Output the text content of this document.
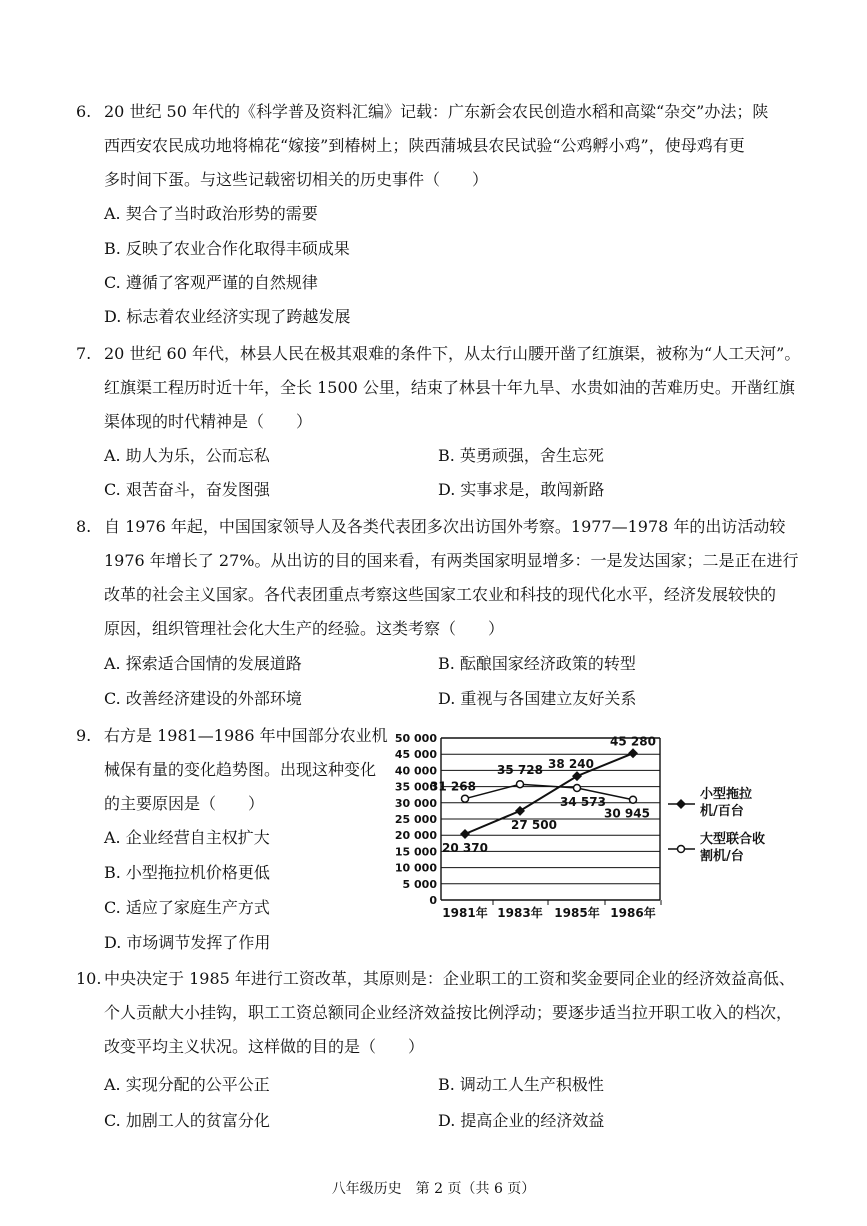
6. 20 世纪 50 年代的《科学普及资料汇编》记载：广东新会农民创造水稻和高粱“杂交”办法；陕
西西安农民成功地将棉花“嫁接”到椿树上；陕西蒲城县农民试验“公鸡孵小鸡”，使母鸡有更
多时间下蛋。与这些记载密切相关的历史事件（　　）
A. 契合了当时政治形势的需要
B. 反映了农业合作化取得丰硕成果
C. 遵循了客观严谨的自然规律
D. 标志着农业经济实现了跨越发展
7. 20 世纪 60 年代，林县人民在极其艰难的条件下，从太行山腰开凿了红旗渠，被称为“人工天河”。
红旗渠工程历时近十年，全长 1500 公里，结束了林县十年九旱、水贵如油的苦难历史。开凿红旗
渠体现的时代精神是（　　）
A. 助人为乐，公而忘私	B. 英勇顽强，舍生忘死
C. 艰苦奋斗，奋发图强	D. 实事求是，敢闯新路
8. 自 1976 年起，中国国家领导人及各类代表团多次出访国外考察。1977—1978 年的出访活动较
1976 年增长了 27%。从出访的目的国来看，有两类国家明显增多：一是发达国家；二是正在进行
改革的社会主义国家。各代表团重点考察这些国家工农业和科技的现代化水平，经济发展较快的
原因，组织管理社会化大生产的经验。这类考察（　　）
A. 探索适合国情的发展道路	B. 酝酿国家经济政策的转型
C. 改善经济建设的外部环境	D. 重视与各国建立友好关系
9. 右方是 1981—1986 年中国部分农业机
械保有量的变化趋势图。出现这种变化
的主要原因是（　　）
A. 企业经营自主权扩大
B. 小型拖拉机价格更低
C. 适应了家庭生产方式
D. 市场调节发挥了作用
0
5 000
10 000
15 000
20 000
25 000
30 000
35 000
40 000
45 000
50 000
1981年 1983年 1985年 1986年
20 370
27 500
38 240
45 280
31 268
35 728
34 573
30 945
小型拖拉
机/百台
大型联合收
割机/台
10. 中央决定于 1985 年进行工资改革，其原则是：企业职工的工资和奖金要同企业的经济效益高低、
个人贡献大小挂钩，职工工资总额同企业经济效益按比例浮动；要逐步适当拉开职工收入的档次，
改变平均主义状况。这样做的目的是（　　）
A. 实现分配的公平公正	B. 调动工人生产积极性
C. 加剧工人的贫富分化	D. 提高企业的经济效益
八年级历史　第 2 页（共 6 页）
